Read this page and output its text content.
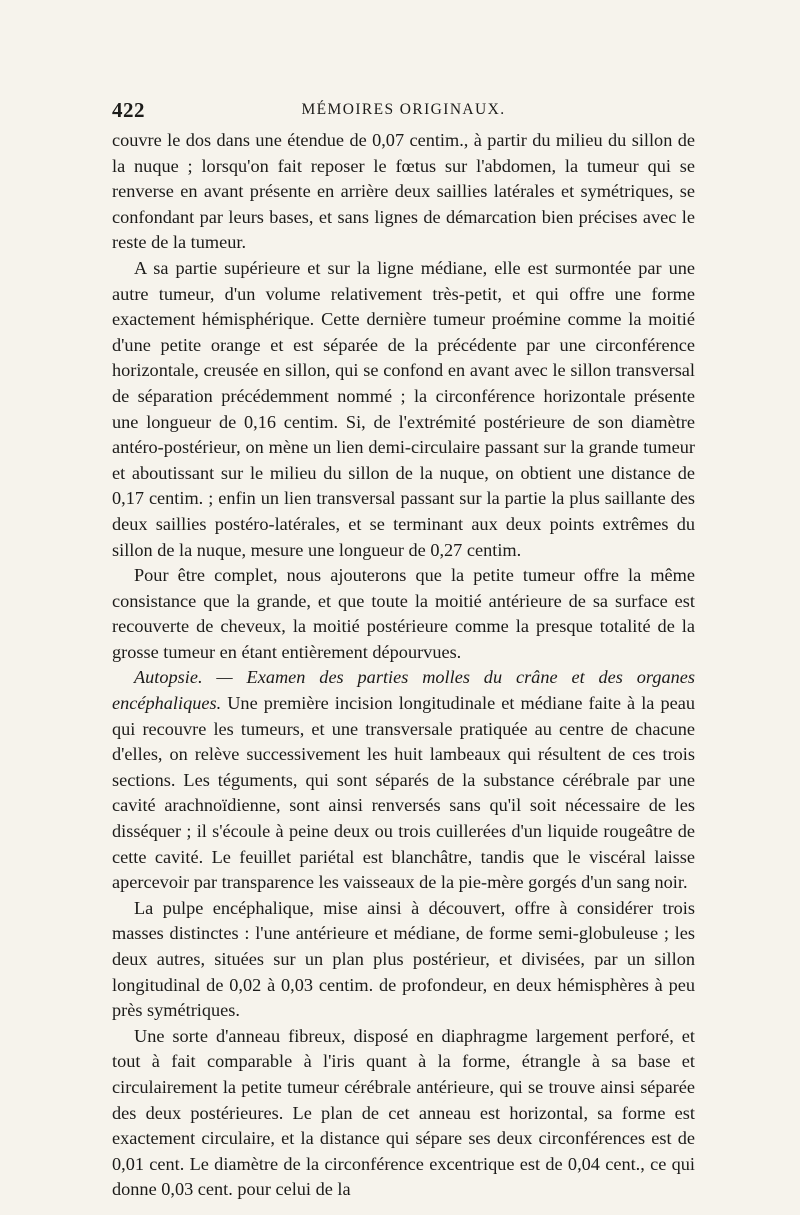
422	MÉMOIRES ORIGINAUX.

couvre le dos dans une étendue de 0,07 centim., à partir du milieu du sillon de la nuque ; lorsqu'on fait reposer le fœtus sur l'abdomen, la tumeur qui se renverse en avant présente en arrière deux saillies latérales et symétriques, se confondant par leurs bases, et sans lignes de démarcation bien précises avec le reste de la tumeur.

A sa partie supérieure et sur la ligne médiane, elle est surmontée par une autre tumeur, d'un volume relativement très-petit, et qui offre une forme exactement hémisphérique. Cette dernière tumeur proémine comme la moitié d'une petite orange et est séparée de la précédente par une circonférence horizontale, creusée en sillon, qui se confond en avant avec le sillon transversal de séparation précédemment nommé ; la circonférence horizontale présente une longueur de 0,16 centim. Si, de l'extrémité postérieure de son diamètre antéro-postérieur, on mène un lien demi-circulaire passant sur la grande tumeur et aboutissant sur le milieu du sillon de la nuque, on obtient une distance de 0,17 centim. ; enfin un lien transversal passant sur la partie la plus saillante des deux saillies postéro-latérales, et se terminant aux deux points extrêmes du sillon de la nuque, mesure une longueur de 0,27 centim.

Pour être complet, nous ajouterons que la petite tumeur offre la même consistance que la grande, et que toute la moitié antérieure de sa surface est recouverte de cheveux, la moitié postérieure comme la presque totalité de la grosse tumeur en étant entièrement dépourvues.

Autopsie. — Examen des parties molles du crâne et des organes encéphaliques. Une première incision longitudinale et médiane faite à la peau qui recouvre les tumeurs, et une transversale pratiquée au centre de chacune d'elles, on relève successivement les huit lambeaux qui résultent de ces trois sections. Les téguments, qui sont séparés de la substance cérébrale par une cavité arachnoïdienne, sont ainsi renversés sans qu'il soit nécessaire de les disséquer ; il s'écoule à peine deux ou trois cuillerées d'un liquide rougeâtre de cette cavité. Le feuillet pariétal est blanchâtre, tandis que le viscéral laisse apercevoir par transparence les vaisseaux de la pie-mère gorgés d'un sang noir.

La pulpe encéphalique, mise ainsi à découvert, offre à considérer trois masses distinctes : l'une antérieure et médiane, de forme semi-globuleuse ; les deux autres, situées sur un plan plus postérieur, et divisées, par un sillon longitudinal de 0,02 à 0,03 centim. de profondeur, en deux hémisphères à peu près symétriques.

Une sorte d'anneau fibreux, disposé en diaphragme largement perforé, et tout à fait comparable à l'iris quant à la forme, étrangle à sa base et circulairement la petite tumeur cérébrale antérieure, qui se trouve ainsi séparée des deux postérieures. Le plan de cet anneau est horizontal, sa forme est exactement circulaire, et la distance qui sépare ses deux circonférences est de 0,01 cent. Le diamètre de la circonférence excentrique est de 0,04 cent., ce qui donne 0,03 cent. pour celui de la
